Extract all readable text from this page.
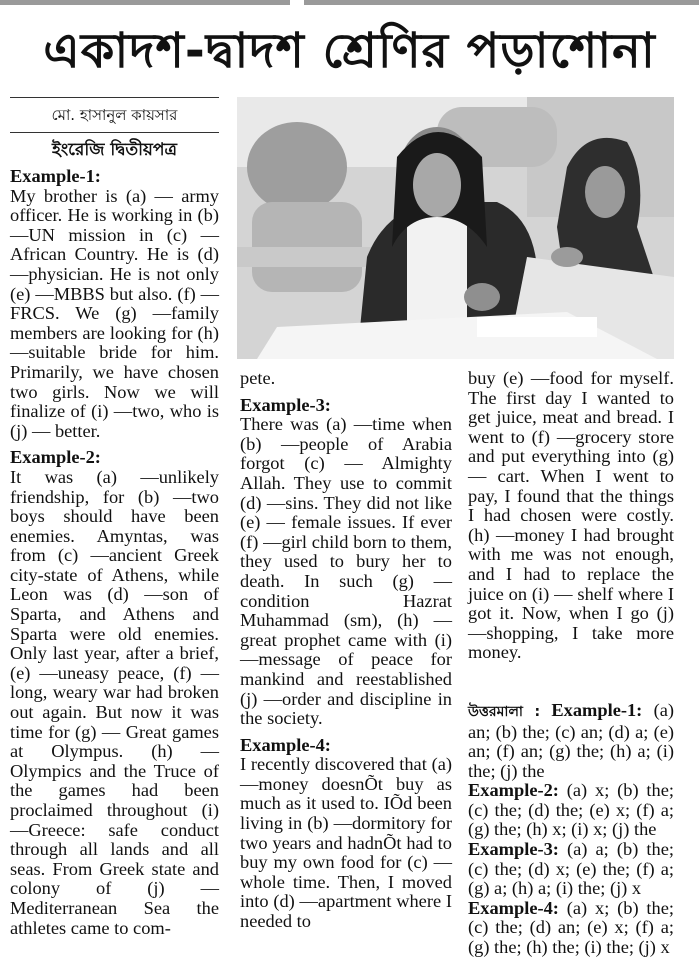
একাদশ-দ্বাদশ শ্রেণির পড়াশোনা
মো. হাসানুল কায়সার
ইংরেজি দ্বিতীয়পত্র
Example-1:

My brother is (a) — army officer. He is working in (b) —UN mission in (c) —African Country. He is (d) —physician. He is not only (e) —MBBS but also. (f) —FRCS. We (g) —family members are looking for (h) —suitable bride for him. Primarily, we have chosen two girls. Now we will finalize of (i) —two, who is (j) — better.

Example-2:

It was (a) —unlikely friendship, for (b) —two boys should have been enemies. Amyntas, was from (c) —ancient Greek city-state of Athens, while Leon was (d) —son of Sparta, and Athens and Sparta were old enemies. Only last year, after a brief, (e) —uneasy peace, (f) —long, weary war had broken out again. But now it was time for (g) — Great games at Olympus. (h) —Olympics and the Truce of the games had been proclaimed throughout (i) —Greece: safe conduct through all lands and all seas. From Greek state and colony of (j) —Mediterranean Sea the athletes came to com-

pete.

Example-3:

There was (a) —time when (b) —people of Arabia forgot (c) — Almighty Allah. They use to commit (d) —sins. They did not like (e) — female issues. If ever (f) —girl child born to them, they used to bury her to death. In such (g) —condition Hazrat Muhammad (sm), (h) — great prophet came with (i) —message of peace for mankind and reestablished (j) —order and discipline in the society.

Example-4:

I recently discovered that (a) —money doesnÕt buy as much as it used to. IÕd been living in (b) —dormitory for two years and hadnÕt had to buy my own food for (c) —whole time. Then, I moved into (d) —apartment where I needed to

buy (e) —food for myself. The first day I wanted to get juice, meat and bread. I went to (f) —grocery store and put everything into (g) — cart. When I went to pay, I found that the things I had chosen were costly. (h) —money I had brought with me was not enough, and I had to replace the juice on (i) — shelf where I got it. Now, when I go (j) —shopping, I take more money.

উত্তরমালা : Example-1: (a) an; (b) the; (c) an; (d) a; (e) an; (f) an; (g) the; (h) a; (i) the; (j) the

Example-2: (a) x; (b) the; (c) the; (d) the; (e) x; (f) a; (g) the; (h) x; (i) x; (j) the

Example-3: (a) a; (b) the; (c) the; (d) x; (e) the; (f) a; (g) a; (h) a; (i) the; (j) x

Example-4: (a) x; (b) the; (c) the; (d) an; (e) x; (f) a; (g) the; (h) the; (i) the; (j) x
